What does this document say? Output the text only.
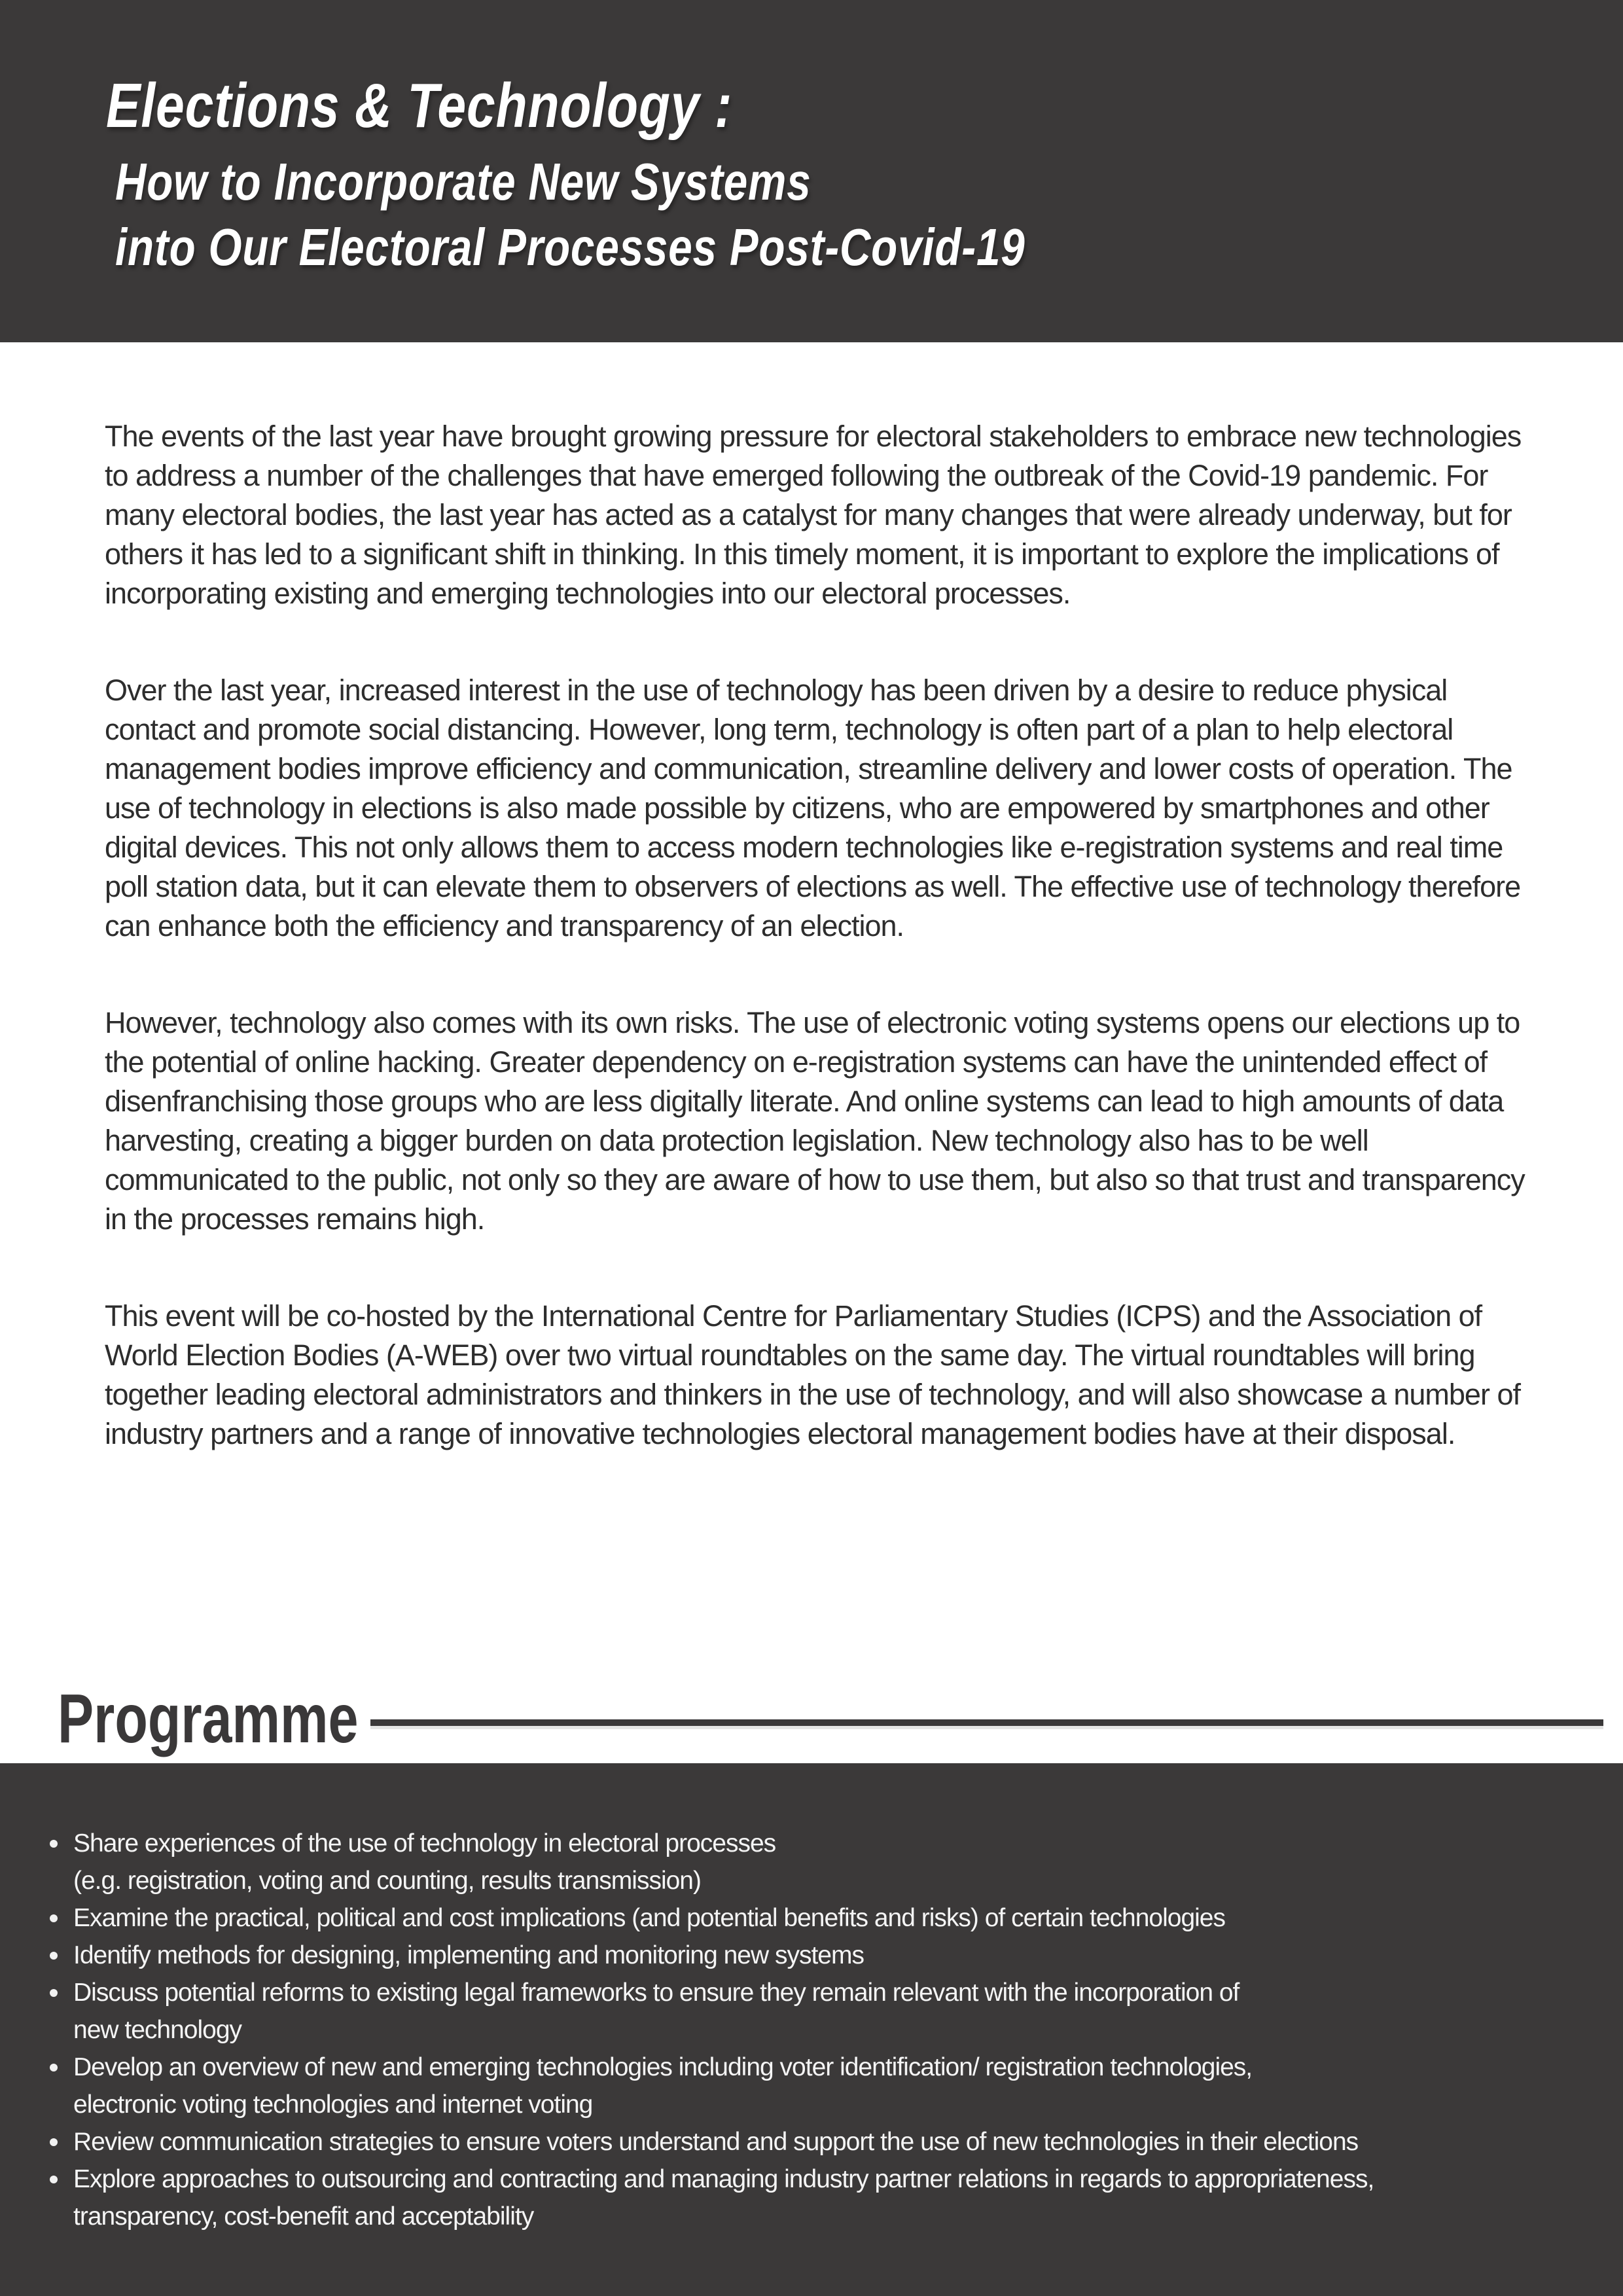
Elections & Technology :
How to Incorporate New Systems
into Our Electoral Processes Post-Covid-19

The events of the last year have brought growing pressure for electoral stakeholders to embrace new technologies to address a number of the challenges that have emerged following the outbreak of the Covid-19 pandemic. For many electoral bodies, the last year has acted as a catalyst for many changes that were already underway, but for others it has led to a significant shift in thinking. In this timely moment, it is important to explore the implications of incorporating existing and emerging technologies into our electoral processes.

Over the last year, increased interest in the use of technology has been driven by a desire to reduce physical contact and promote social distancing. However, long term, technology is often part of a plan to help electoral management bodies improve efficiency and communication, streamline delivery and lower costs of operation. The use of technology in elections is also made possible by citizens, who are empowered by smartphones and other digital devices. This not only allows them to access modern technologies like e-registration systems and real time poll station data, but it can elevate them to observers of elections as well. The effective use of technology therefore can enhance both the efficiency and transparency of an election.

However, technology also comes with its own risks. The use of electronic voting systems opens our elections up to the potential of online hacking. Greater dependency on e-registration systems can have the unintended effect of disenfranchising those groups who are less digitally literate. And online systems can lead to high amounts of data harvesting, creating a bigger burden on data protection legislation. New technology also has to be well communicated to the public, not only so they are aware of how to use them, but also so that trust and transparency in the processes remains high.

This event will be co-hosted by the International Centre for Parliamentary Studies (ICPS) and the Association of World Election Bodies (A-WEB) over two virtual roundtables on the same day. The virtual roundtables will bring together leading electoral administrators and thinkers in the use of technology, and will also showcase a number of industry partners and a range of innovative technologies electoral management bodies have at their disposal.

Programme
Share experiences of the use of technology in electoral processes
(e.g. registration, voting and counting, results transmission)
Examine the practical, political and cost implications (and potential benefits and risks) of certain technologies
Identify methods for designing, implementing and monitoring new systems
Discuss potential reforms to existing legal frameworks to ensure they remain relevant with the incorporation of
new technology
Develop an overview of new and emerging technologies including voter identification/ registration technologies,
electronic voting technologies and internet voting
Review communication strategies to ensure voters understand and support the use of new technologies in their elections
Explore approaches to outsourcing and contracting and managing industry partner relations in regards to appropriateness,
transparency, cost-benefit and acceptability
